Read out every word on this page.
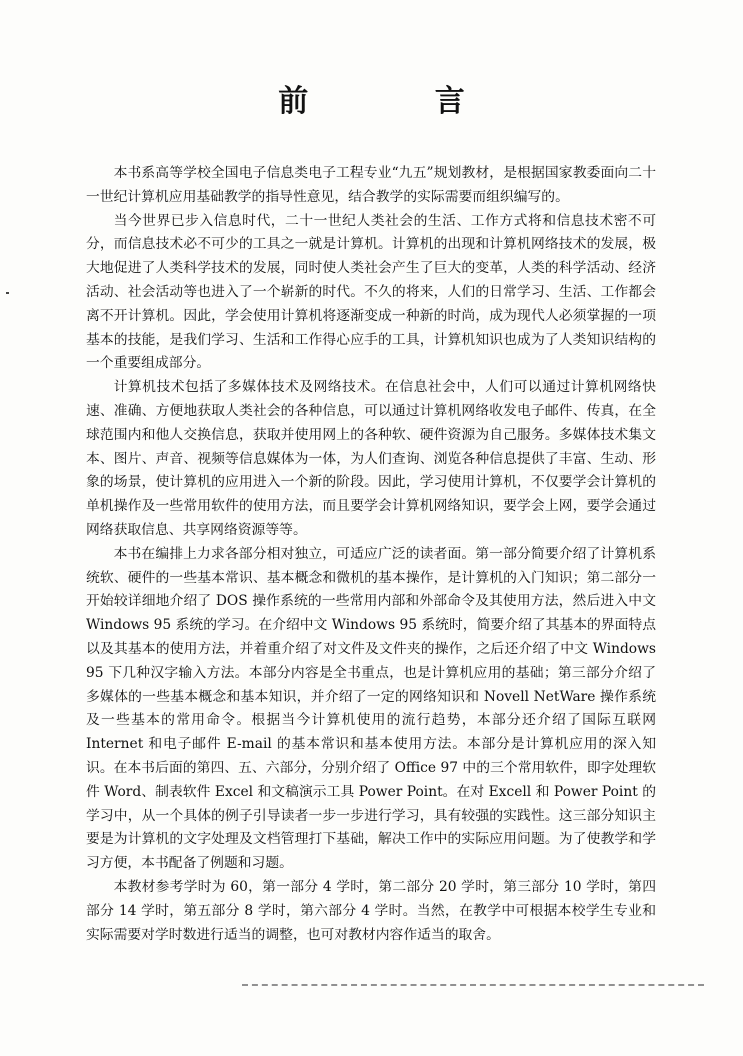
前 言

本书系高等学校全国电子信息类电子工程专业“九五”规划教材，是根据国家教委面向二十一世纪计算机应用基础教学的指导性意见，结合教学的实际需要而组织编写的。

当今世界已步入信息时代，二十一世纪人类社会的生活、工作方式将和信息技术密不可分，而信息技术必不可少的工具之一就是计算机。计算机的出现和计算机网络技术的发展，极大地促进了人类科学技术的发展，同时使人类社会产生了巨大的变革，人类的科学活动、经济活动、社会活动等也进入了一个崭新的时代。不久的将来，人们的日常学习、生活、工作都会离不开计算机。因此，学会使用计算机将逐渐变成一种新的时尚，成为现代人必须掌握的一项基本的技能，是我们学习、生活和工作得心应手的工具，计算机知识也成为了人类知识结构的一个重要组成部分。

计算机技术包括了多媒体技术及网络技术。在信息社会中，人们可以通过计算机网络快速、准确、方便地获取人类社会的各种信息，可以通过计算机网络收发电子邮件、传真，在全球范围内和他人交换信息，获取并使用网上的各种软、硬件资源为自己服务。多媒体技术集文本、图片、声音、视频等信息媒体为一体，为人们查询、浏览各种信息提供了丰富、生动、形象的场景，使计算机的应用进入一个新的阶段。因此，学习使用计算机，不仅要学会计算机的单机操作及一些常用软件的使用方法，而且要学会计算机网络知识，要学会上网，要学会通过网络获取信息、共享网络资源等等。

本书在编排上力求各部分相对独立，可适应广泛的读者面。第一部分简要介绍了计算机系统软、硬件的一些基本常识、基本概念和微机的基本操作，是计算机的入门知识；第二部分一开始较详细地介绍了 DOS 操作系统的一些常用内部和外部命令及其使用方法，然后进入中文 Windows 95 系统的学习。在介绍中文 Windows 95 系统时，简要介绍了其基本的界面特点以及其基本的使用方法，并着重介绍了对文件及文件夹的操作，之后还介绍了中文 Windows 95 下几种汉字输入方法。本部分内容是全书重点，也是计算机应用的基础；第三部分介绍了多媒体的一些基本概念和基本知识，并介绍了一定的网络知识和 Novell NetWare 操作系统及一些基本的常用命令。根据当今计算机使用的流行趋势，本部分还介绍了国际互联网 Internet 和电子邮件 E-mail 的基本常识和基本使用方法。本部分是计算机应用的深入知识。在本书后面的第四、五、六部分，分别介绍了 Office 97 中的三个常用软件，即字处理软件 Word、制表软件 Excel 和文稿演示工具 Power Point。在对 Excell 和 Power Point 的学习中，从一个具体的例子引导读者一步一步进行学习，具有较强的实践性。这三部分知识主要是为计算机的文字处理及文档管理打下基础，解决工作中的实际应用问题。为了使教学和学习方便，本书配备了例题和习题。

本教材参考学时为 60，第一部分 4 学时，第二部分 20 学时，第三部分 10 学时，第四部分 14 学时，第五部分 8 学时，第六部分 4 学时。当然，在教学中可根据本校学生专业和实际需要对学时数进行适当的调整，也可对教材内容作适当的取舍。
